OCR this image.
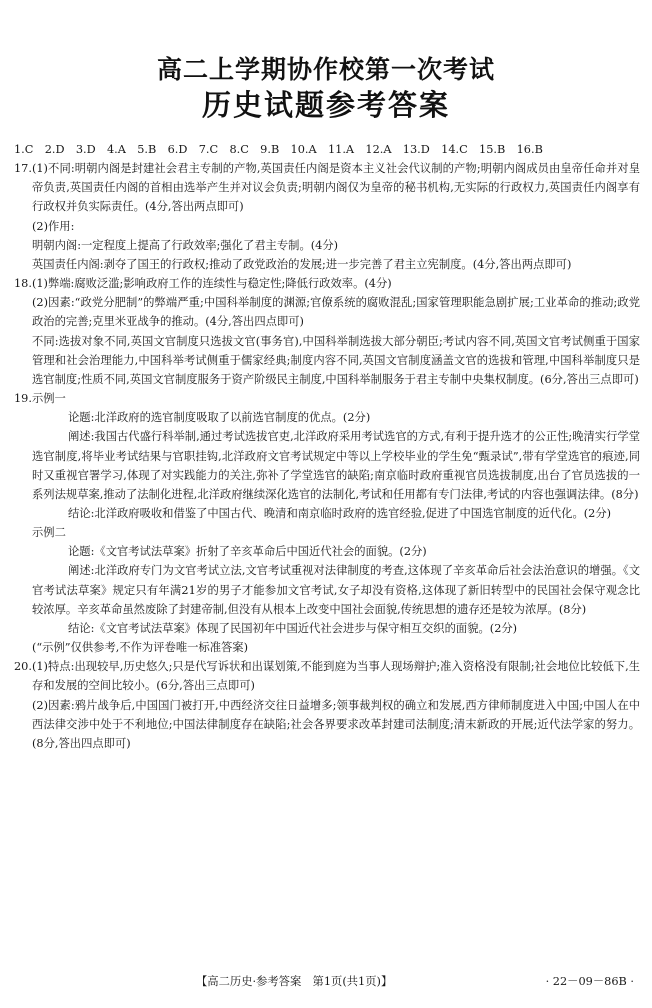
高二上学期协作校第一次考试
历史试题参考答案

1.C　2.D　3.D　4.A　5.B　6.D　7.C　8.C　9.B　10.A　11.A　12.A　13.D　14.C　15.B　16.B

17.(1)不同:明朝内阁是封建社会君主专制的产物,英国责任内阁是资本主义社会代议制的产物;明朝内阁成员由皇帝任命并对皇帝负责,英国责任内阁的首相由选举产生并对议会负责;明朝内阁仅为皇帝的秘书机构,无实际的行政权力,英国责任内阁享有行政权并负实际责任。(4分,答出两点即可)

(2)作用:

明朝内阁:一定程度上提高了行政效率;强化了君主专制。(4分)

英国责任内阁:剥夺了国王的行政权;推动了政党政治的发展;进一步完善了君主立宪制度。(4分,答出两点即可)

18.(1)弊端:腐败泛滥;影响政府工作的连续性与稳定性;降低行政效率。(4分)

(2)因素:“政党分肥制”的弊端严重;中国科举制度的渊源;官僚系统的腐败混乱;国家管理职能急剧扩展;工业革命的推动;政党政治的完善;克里米亚战争的推动。(4分,答出四点即可)

不同:选拔对象不同,英国文官制度只选拔文官(事务官),中国科举制选拔大部分朝臣;考试内容不同,英国文官考试侧重于国家管理和社会治理能力,中国科举考试侧重于儒家经典;制度内容不同,英国文官制度涵盖文官的选拔和管理,中国科举制度只是选官制度;性质不同,英国文官制度服务于资产阶级民主制度,中国科举制服务于君主专制中央集权制度。(6分,答出三点即可)

19.示例一

论题:北洋政府的选官制度吸取了以前选官制度的优点。(2分)

阐述:我国古代盛行科举制,通过考试选拔官吏,北洋政府采用考试选官的方式,有利于提升选才的公正性;晚清实行学堂选官制度,将毕业考试结果与官职挂钩,北洋政府文官考试规定中等以上学校毕业的学生免“甄录试”,带有学堂选官的痕迹,同时又重视官署学习,体现了对实践能力的关注,弥补了学堂选官的缺陷;南京临时政府重视官员选拔制度,出台了官员选拔的一系列法规草案,推动了法制化进程,北洋政府继续深化选官的法制化,考试和任用都有专门法律,考试的内容也强调法律。(8分)

结论:北洋政府吸收和借鉴了中国古代、晚清和南京临时政府的选官经验,促进了中国选官制度的近代化。(2分)

示例二

论题:《文官考试法草案》折射了辛亥革命后中国近代社会的面貌。(2分)

阐述:北洋政府专门为文官考试立法,文官考试重视对法律制度的考查,这体现了辛亥革命后社会法治意识的增强。《文官考试法草案》规定只有年满21岁的男子才能参加文官考试,女子却没有资格,这体现了新旧转型中的民国社会保守观念比较浓厚。辛亥革命虽然废除了封建帝制,但没有从根本上改变中国社会面貌,传统思想的遗存还是较为浓厚。(8分)

结论:《文官考试法草案》体现了民国初年中国近代社会进步与保守相互交织的面貌。(2分)

(“示例”仅供参考,不作为评卷唯一标准答案)

20.(1)特点:出现较早,历史悠久;只是代写诉状和出谋划策,不能到庭为当事人现场辩护;准入资格没有限制;社会地位比较低下,生存和发展的空间比较小。(6分,答出三点即可)

(2)因素:鸦片战争后,中国国门被打开,中西经济交往日益增多;领事裁判权的确立和发展,西方律师制度进入中国;中国人在中西法律交涉中处于不利地位;中国法律制度存在缺陷;社会各界要求改革封建司法制度;清末新政的开展;近代法学家的努力。(8分,答出四点即可)

【高二历史·参考答案　第1页(共1页)】	· 22－09－86B ·
